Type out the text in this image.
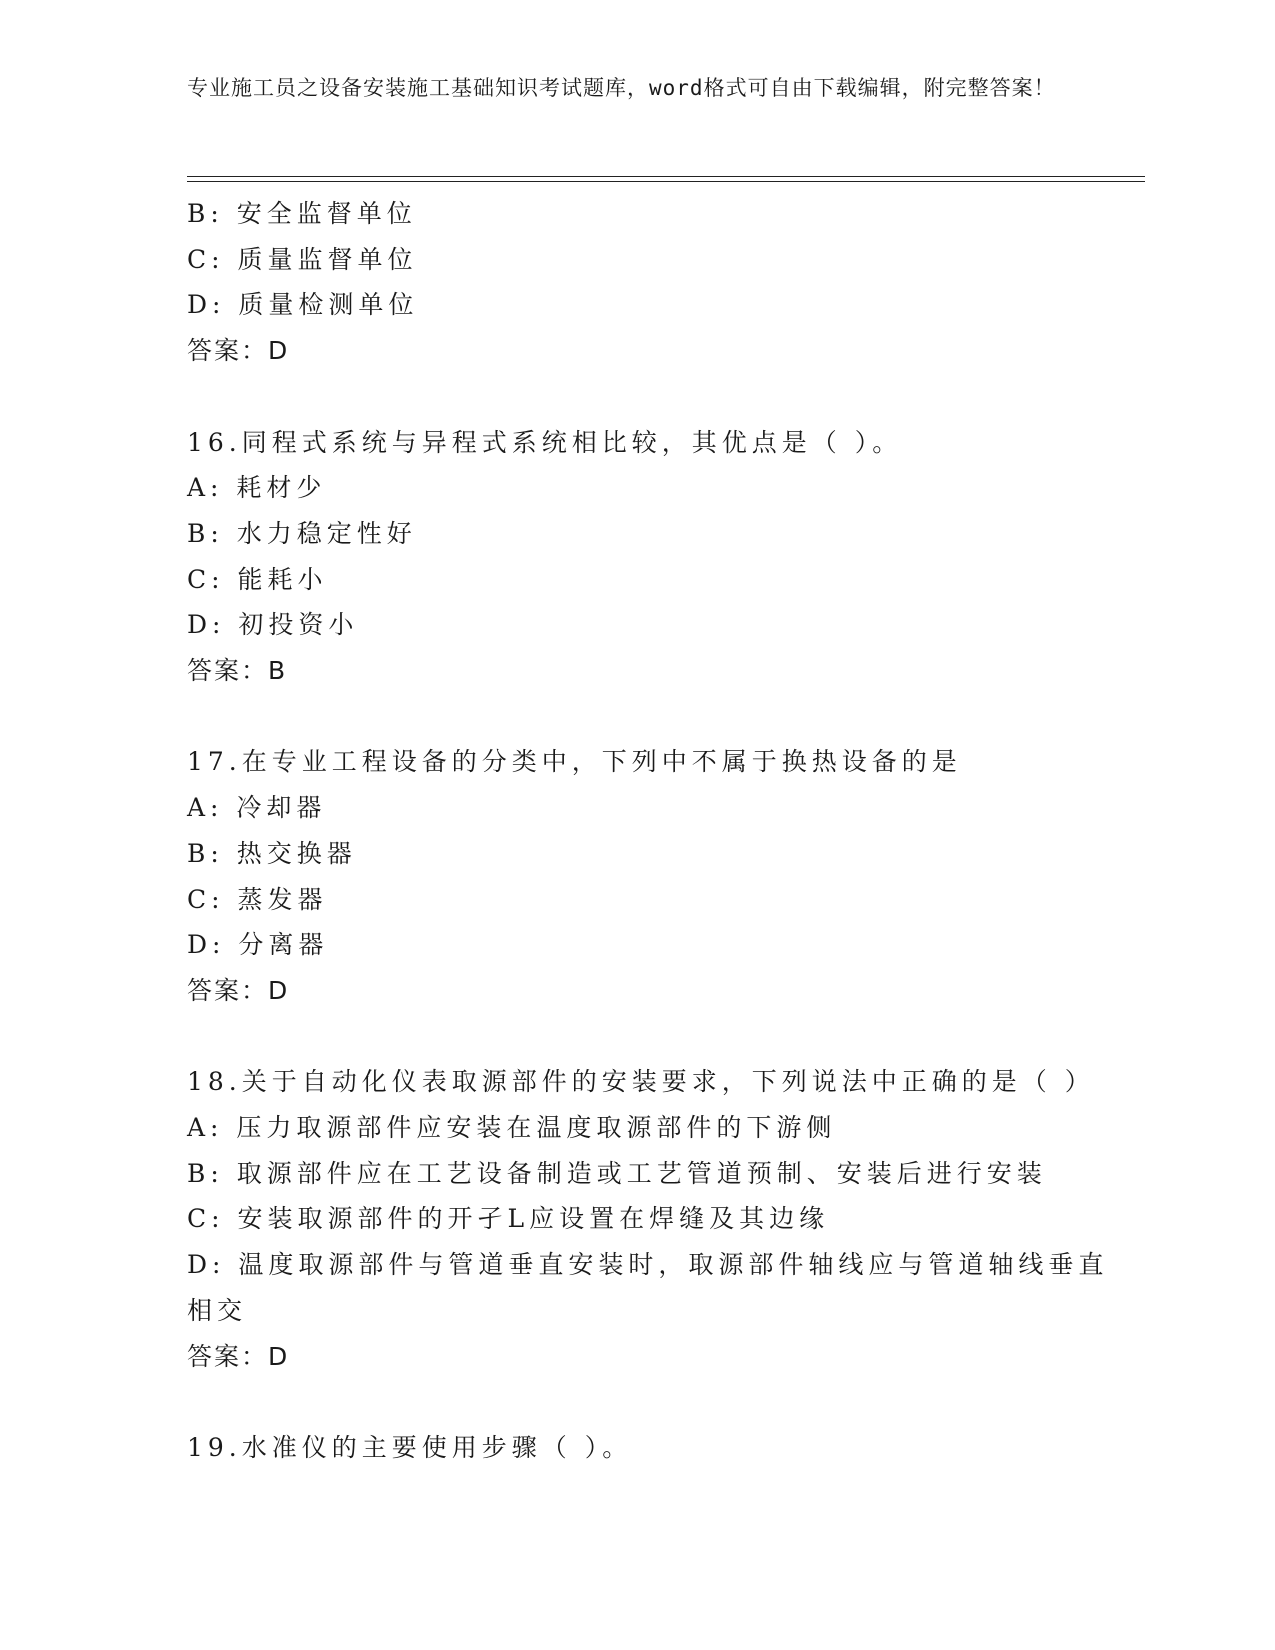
专业施工员之设备安装施工基础知识考试题库，word格式可自由下载编辑，附完整答案！
B: 安全监督单位
C: 质量监督单位
D: 质量检测单位
答案：D
16.同程式系统与异程式系统相比较，其优点是（ ）。
A: 耗材少
B: 水力稳定性好
C: 能耗小
D: 初投资小
答案：B
17.在专业工程设备的分类中，下列中不属于换热设备的是
A: 冷却器
B: 热交换器
C: 蒸发器
D: 分离器
答案：D
18.关于自动化仪表取源部件的安装要求，下列说法中正确的是（ ）
A: 压力取源部件应安装在温度取源部件的下游侧
B: 取源部件应在工艺设备制造或工艺管道预制、安装后进行安装
C: 安装取源部件的开孑L应设置在焊缝及其边缘
D: 温度取源部件与管道垂直安装时，取源部件轴线应与管道轴线垂直
相交
答案：D
19.水准仪的主要使用步骤（ ）。
